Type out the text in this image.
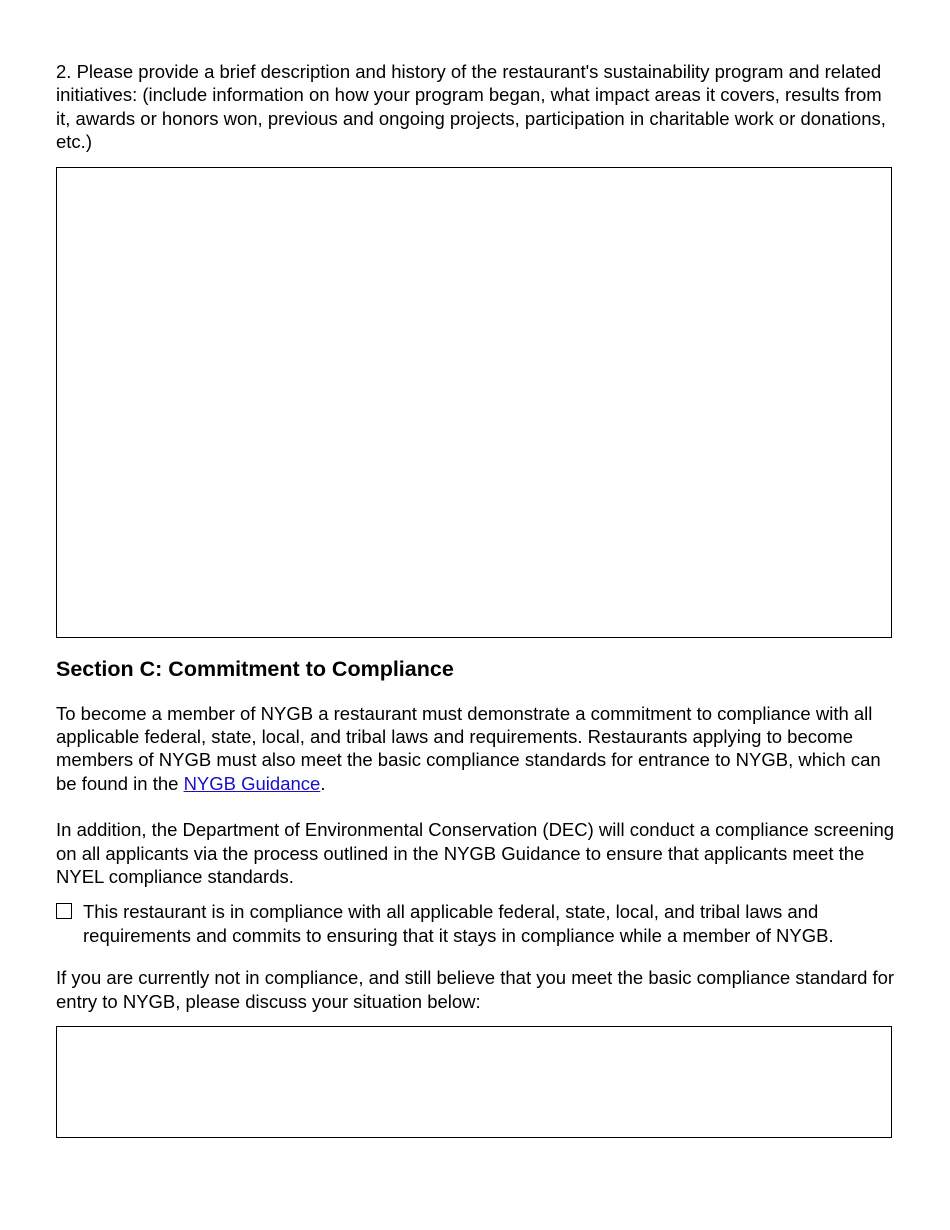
2. Please provide a brief description and history of the restaurant's sustainability program and related initiatives: (include information on how your program began, what impact areas it covers, results from it, awards or honors won, previous and ongoing projects, participation in charitable work or donations, etc.)

Section C: Commitment to Compliance

To become a member of NYGB a restaurant must demonstrate a commitment to compliance with all applicable federal, state, local, and tribal laws and requirements. Restaurants applying to become members of NYGB must also meet the basic compliance standards for entrance to NYGB, which can be found in the NYGB Guidance.

In addition, the Department of Environmental Conservation (DEC) will conduct a compliance screening on all applicants via the process outlined in the NYGB Guidance to ensure that applicants meet the NYEL compliance standards.

This restaurant is in compliance with all applicable federal, state, local, and tribal laws and requirements and commits to ensuring that it stays in compliance while a member of NYGB.

If you are currently not in compliance, and still believe that you meet the basic compliance standard for entry to NYGB, please discuss your situation below:
